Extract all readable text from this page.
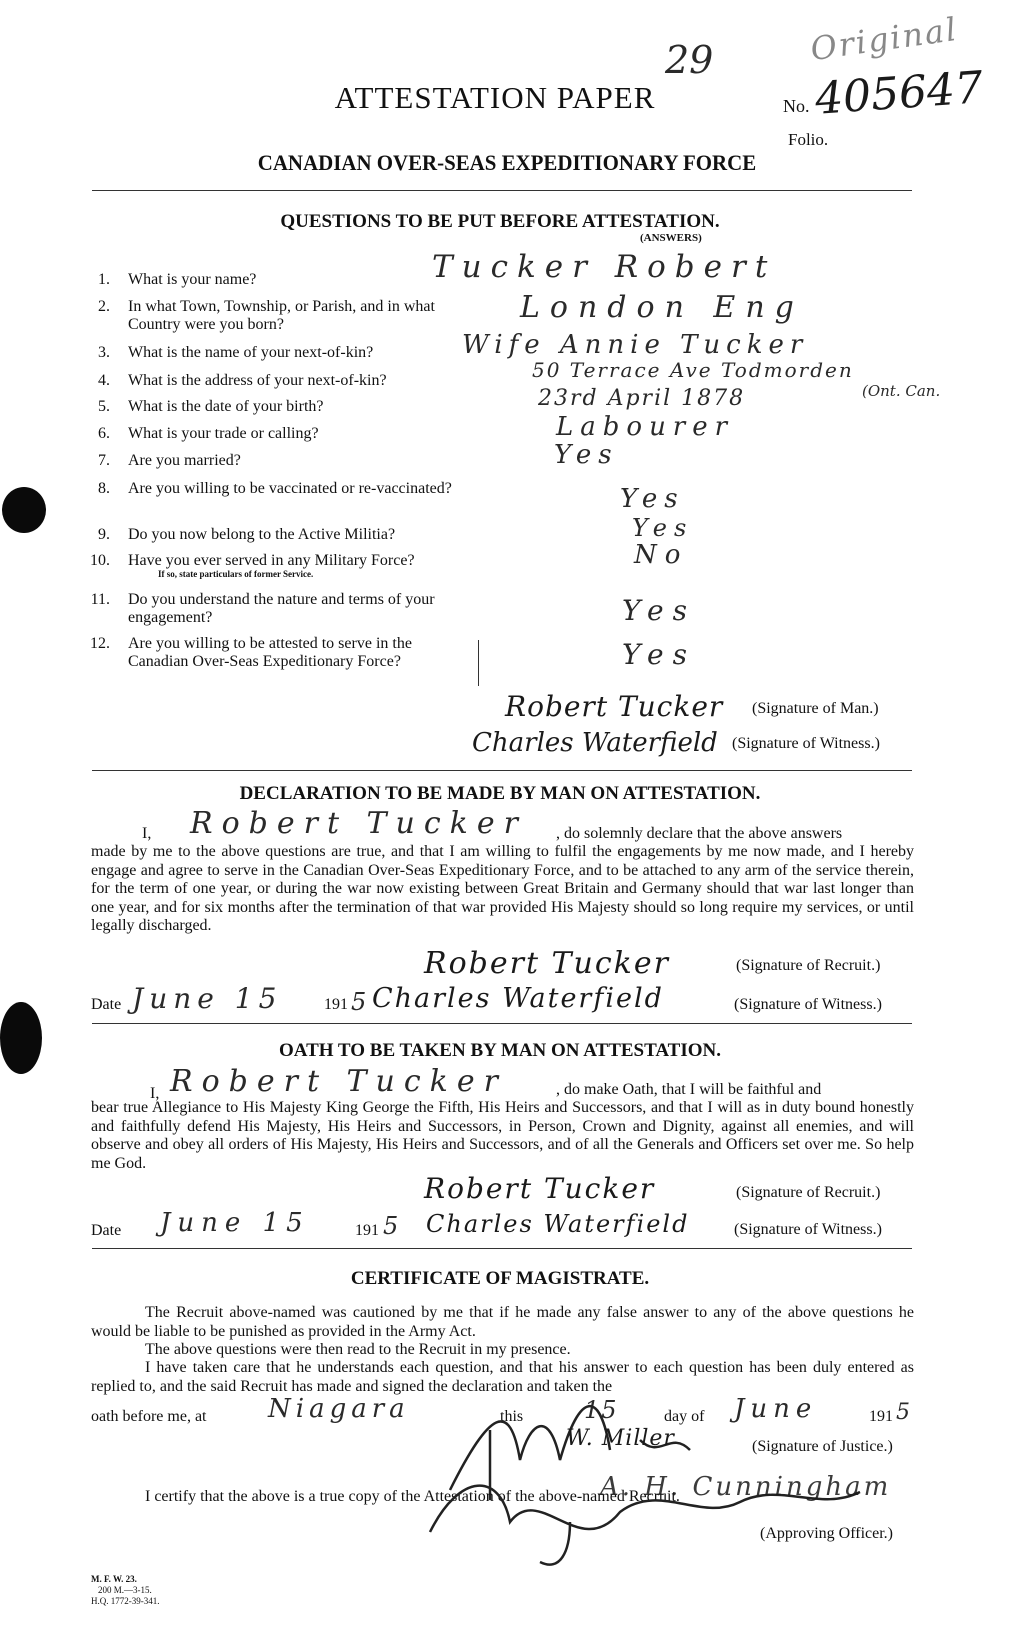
29	Original
ATTESTATION PAPER	No. 405647
Folio.
CANADIAN OVER-SEAS EXPEDITIONARY FORCE
QUESTIONS TO BE PUT BEFORE ATTESTATION.
(ANSWERS)
1. What is your name?	Tucker Robert
2. In what Town, Township, or Parish, and in what Country were you born?	London Eng
3. What is the name of your next-of-kin?	Wife Annie Tucker
4. What is the address of your next-of-kin?	50 Terrace Ave Todmorden
(Ont. Can.
5. What is the date of your birth?	23rd April 1878
6. What is your trade or calling?	Labourer
7. Are you married?	Yes
8. Are you willing to be vaccinated or re-vaccinated?	Yes
9. Do you now belong to the Active Militia?	Yes
10. Have you ever served in any Military Force?
If so, state particulars of former Service.
No
11. Do you understand the nature and terms of your engagement?	Yes
12. Are you willing to be attested to serve in the Canadian Over-Seas Expeditionary Force?	Yes
Robert Tucker (Signature of Man.)
Charles Waterfield (Signature of Witness.)
DECLARATION TO BE MADE BY MAN ON ATTESTATION.
I, Robert Tucker , do solemnly declare that the above answers
made by me to the above questions are true, and that I am willing to fulfil the engagements by me now made, and I hereby engage and agree to serve in the Canadian Over-Seas Expeditionary Force, and to be attached to any arm of the service therein, for the term of one year, or during the war now existing between Great Britain and Germany should that war last longer than one year, and for six months after the termination of that war provided His Majesty should so long require my services, or until legally discharged.
Robert Tucker	(Signature of Recruit.)
Date June 15	191 5 Charles Waterfield	(Signature of Witness.)
OATH TO BE TAKEN BY MAN ON ATTESTATION.
I, Robert Tucker	, do make Oath, that I will be faithful and
bear true Allegiance to His Majesty King George the Fifth, His Heirs and Successors, and that I will as in duty bound honestly and faithfully defend His Majesty, His Heirs and Successors, in Person, Crown and Dignity, against all enemies, and will observe and obey all orders of His Majesty, His Heirs and Successors, and of all the Generals and Officers set over me. So help me God.
Robert Tucker	(Signature of Recruit.)
Date June 15	191 5 Charles Waterfield	(Signature of Witness.)
CERTIFICATE OF MAGISTRATE.
The Recruit above-named was cautioned by me that if he made any false answer to any of the above questions he would be liable to be punished as provided in the Army Act.
The above questions were then read to the Recruit in my presence.
I have taken care that he understands each question, and that his answer to each question has been duly entered as replied to, and the said Recruit has made and signed the declaration and taken the
oath before me, at Niagara	this	15	day of June	191 5
W. Miller	(Signature of Justice.)
I certify that the above is a true copy of the Attestation of the above-named Recruit.
A. H. Cunningham
(Approving Officer.)
M. F. W. 23.
200 M.—3-15.
H.Q. 1772-39-341.
